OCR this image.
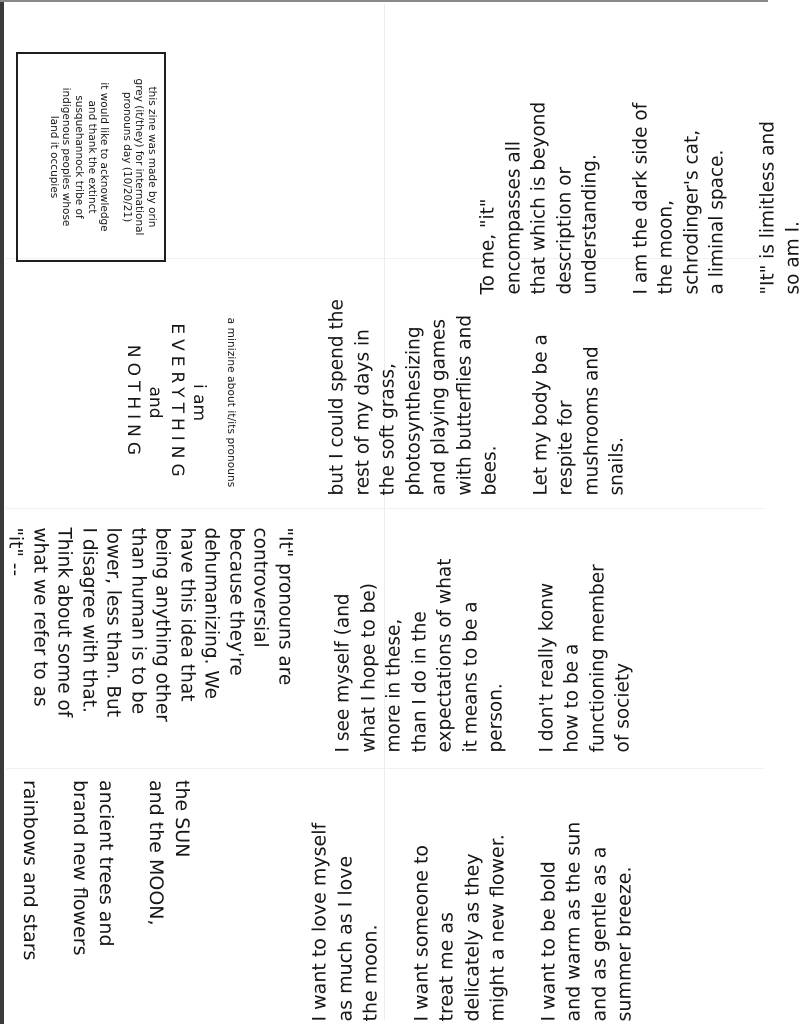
this zine was made by orin
grey (it/they) for international
pronouns day (10/20/21)
it would like to acknowledge
and thank the extinct
susquehannock tribe of
indigenous peoples whose
land it occupies
i am
EVERYTHING
and
NOTHING	a minizine about it/its pronouns
"It" pronouns are
controversial
because they're
dehumanizing. We
have this idea that
being anything other
than human is to be
lower, less than. But
I disagree with that.
Think about some of
what we refer to as
"it" --
the SUN
and the MOON,
ancient trees and
brand new flowers
rainbows and stars
I see myself (and what I hope to be) more in these, than I do in the expectations of what it means to be a person. I don't really konw how to be a functioning member of society
but I could spend the rest of my days in the soft grass, photosynthesizing and playing games with butterflies and bees. Let my body be a respite for mushrooms and snails.
To me, "it" encompasses all that which is beyond description or understanding. I am the dark side of the moon, schrodinger's cat, a liminal space. "It" is limitless and so am I.
I want to love myself as much as I love the moon. I want someone to treat me as delicately as they might a new flower. I want to be bold and warm as the sun and as gentle as a summer breeze.
